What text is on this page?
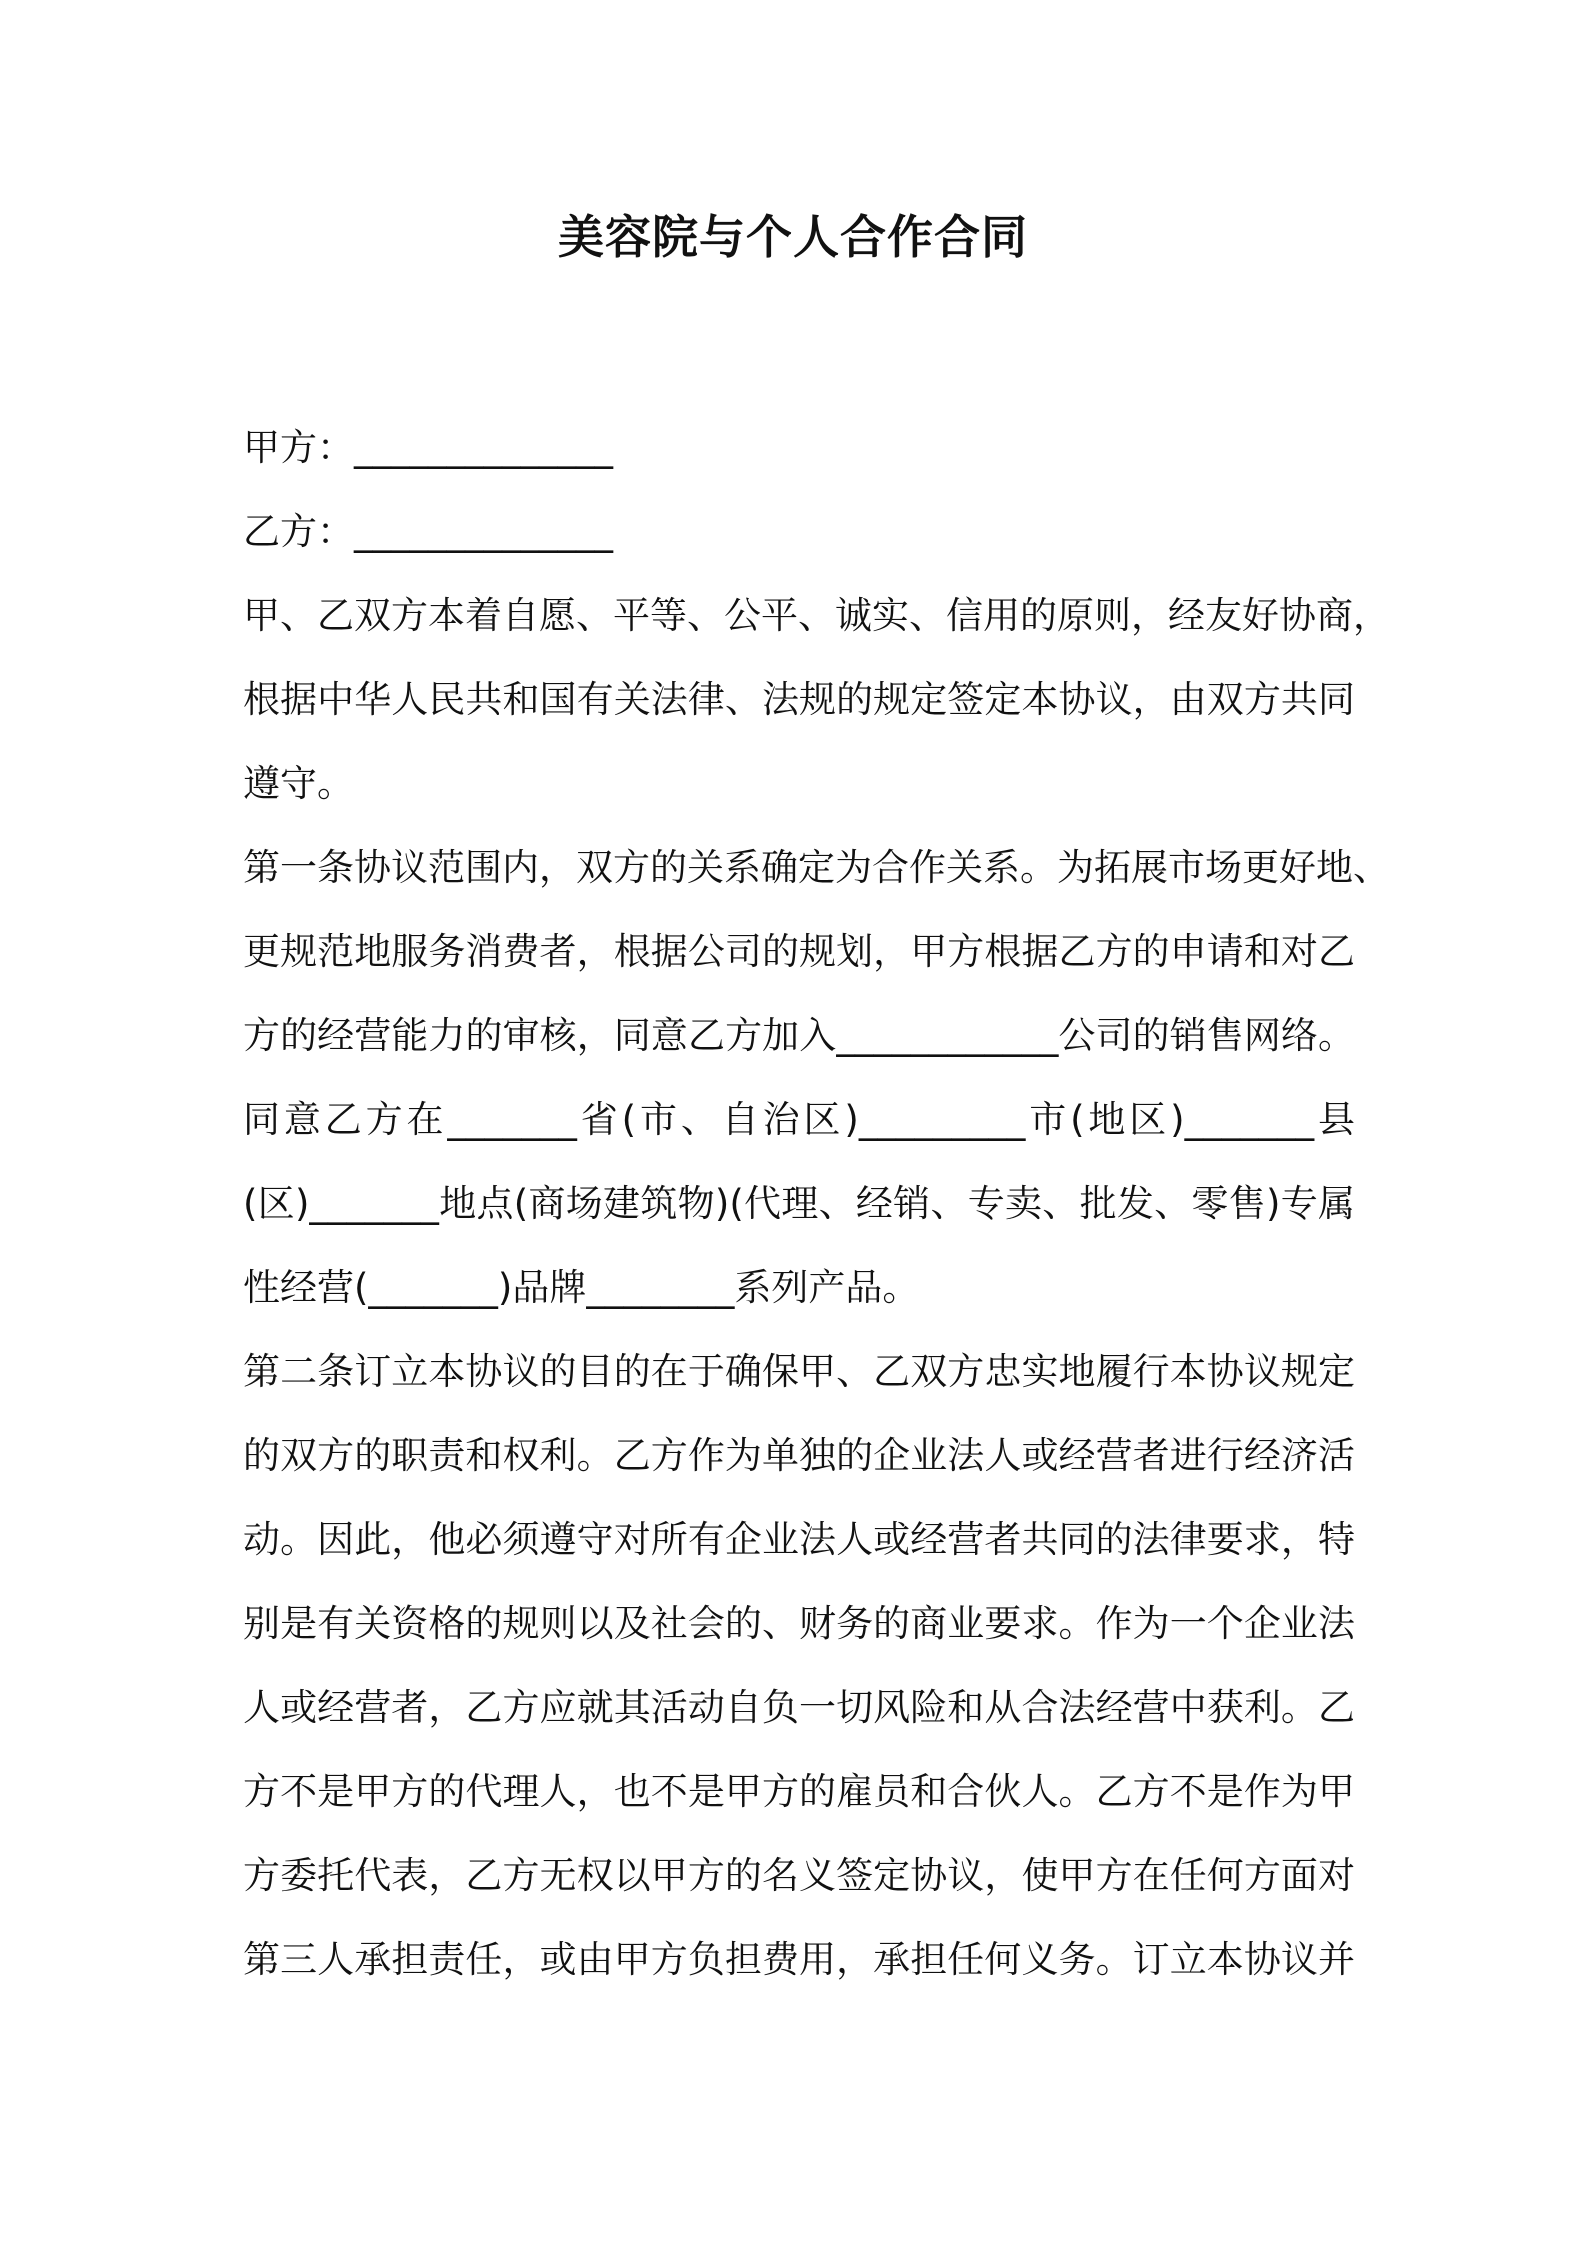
美容院与个人合作合同
甲方：______________
乙方：______________
甲、乙双方本着自愿、平等、公平、诚实、信用的原则，经友好协商，
根据中华人民共和国有关法律、法规的规定签定本协议，由双方共同
遵守。
第一条协议范围内，双方的关系确定为合作关系。为拓展市场更好地、
更规范地服务消费者，根据公司的规划，甲方根据乙方的申请和对乙
方的经营能力的审核，同意乙方加入____________公司的销售网络。
同意乙方在_______省(市、自治区)_________市(地区)_______县
(区)_______地点(商场建筑物)(代理、经销、专卖、批发、零售)专属
性经营(_______)品牌________系列产品。
第二条订立本协议的目的在于确保甲、乙双方忠实地履行本协议规定
的双方的职责和权利。乙方作为单独的企业法人或经营者进行经济活
动。因此，他必须遵守对所有企业法人或经营者共同的法律要求，特
别是有关资格的规则以及社会的、财务的商业要求。作为一个企业法
人或经营者，乙方应就其活动自负一切风险和从合法经营中获利。乙
方不是甲方的代理人，也不是甲方的雇员和合伙人。乙方不是作为甲
方委托代表，乙方无权以甲方的名义签定协议，使甲方在任何方面对
第三人承担责任，或由甲方负担费用，承担任何义务。订立本协议并
